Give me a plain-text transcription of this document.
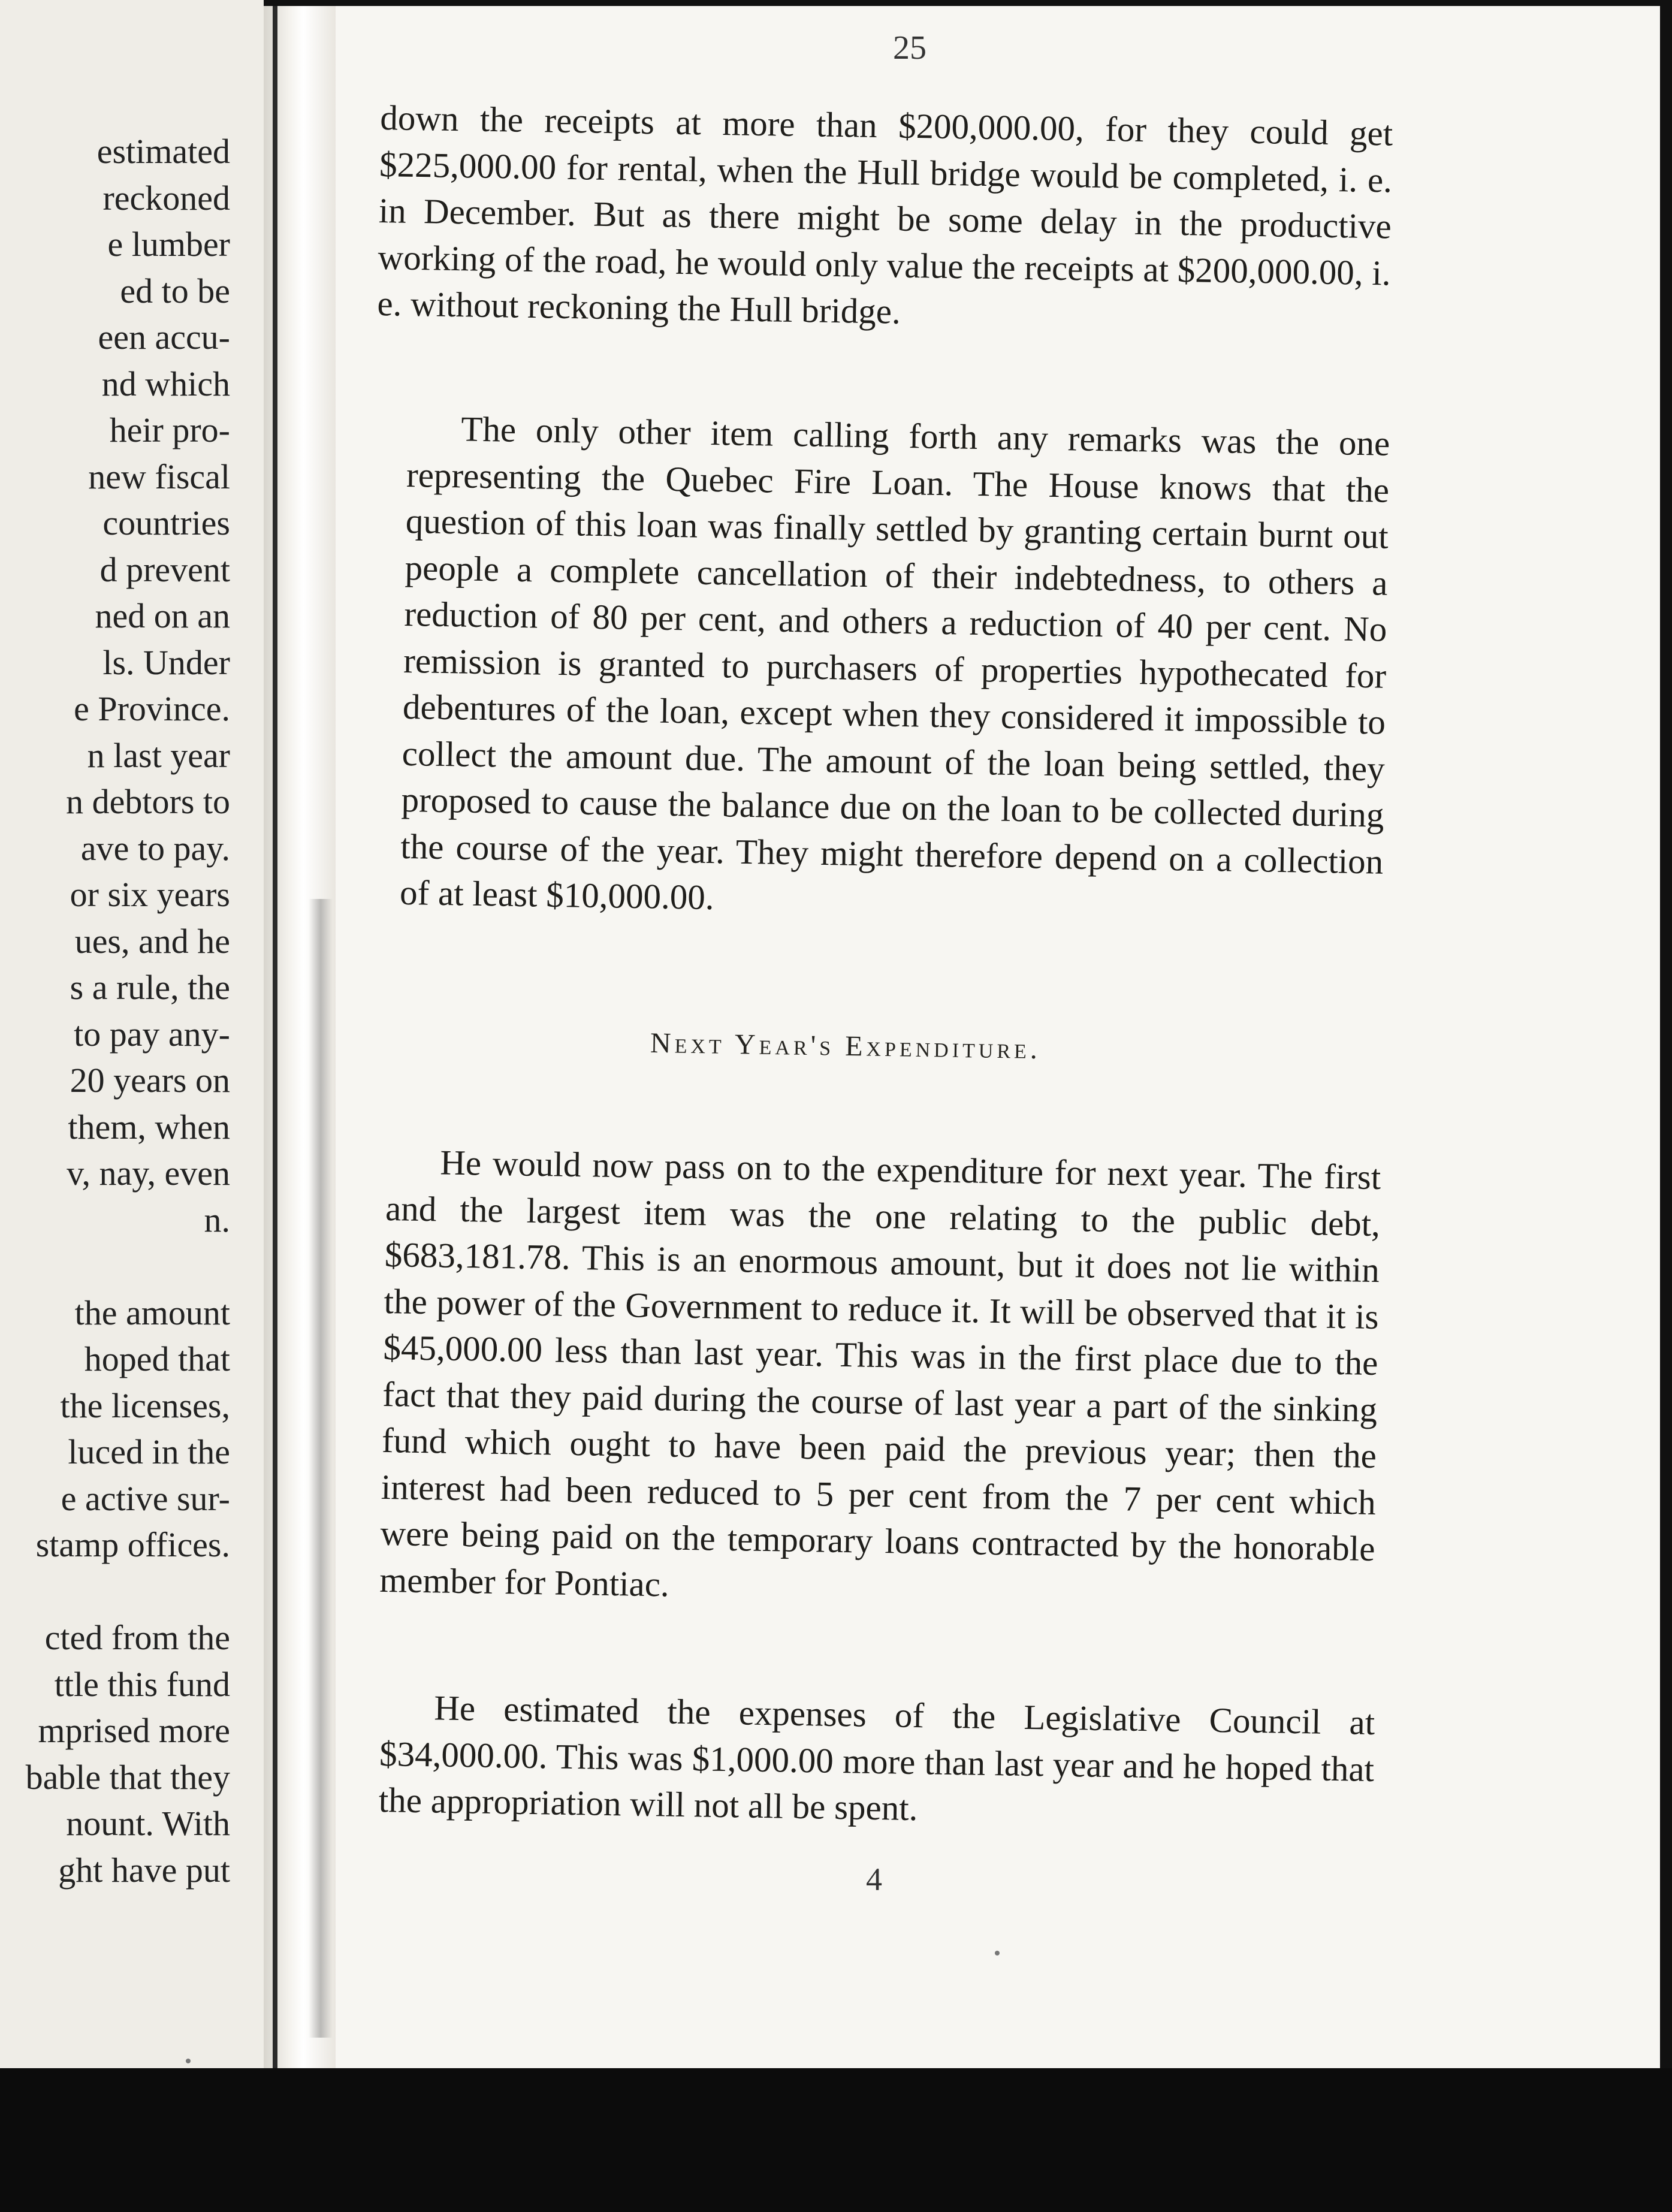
estimated
reckoned
e lumber
ed to be
een accu-
nd which
heir pro-
new fiscal
countries
d prevent
ned on an
ls. Under
e Province.
n last year
n debtors to
ave to pay.
or six years
ues, and he
s a rule, the
to pay any-
20 years on
them, when
v, nay, even
n.

the amount
hoped that
the licenses,
luced in the
e active sur-
stamp offices.

cted from the
ttle this fund
mprised more
bable that they
nount. With
ght have put
25

down the receipts at more than $200,000.00, for they could get $225,000.00 for rental, when the Hull bridge would be completed, i. e. in December. But as there might be some delay in the productive working of the road, he would only value the receipts at $200,000.00, i. e. without reckoning the Hull bridge.

The only other item calling forth any remarks was the one representing the Quebec Fire Loan. The House knows that the question of this loan was finally settled by granting certain burnt out people a complete cancellation of their indebtedness, to others a reduction of 80 per cent, and others a reduction of 40 per cent. No remission is granted to purchasers of properties hypothecated for debentures of the loan, except when they considered it impossible to collect the amount due. The amount of the loan being settled, they proposed to cause the balance due on the loan to be collected during the course of the year. They might therefore depend on a collection of at least $10,000.00.

Next Year's Expenditure.

He would now pass on to the expenditure for next year. The first and the largest item was the one relating to the public debt, $683,181.78. This is an enormous amount, but it does not lie within the power of the Government to reduce it. It will be observed that it is $45,000.00 less than last year. This was in the first place due to the fact that they paid during the course of last year a part of the sinking fund which ought to have been paid the previous year; then the interest had been reduced to 5 per cent from the 7 per cent which were being paid on the temporary loans contracted by the honorable member for Pontiac.

He estimated the expenses of the Legislative Council at $34,000.00. This was $1,000.00 more than last year and he hoped that the appropriation will not all be spent.

4
